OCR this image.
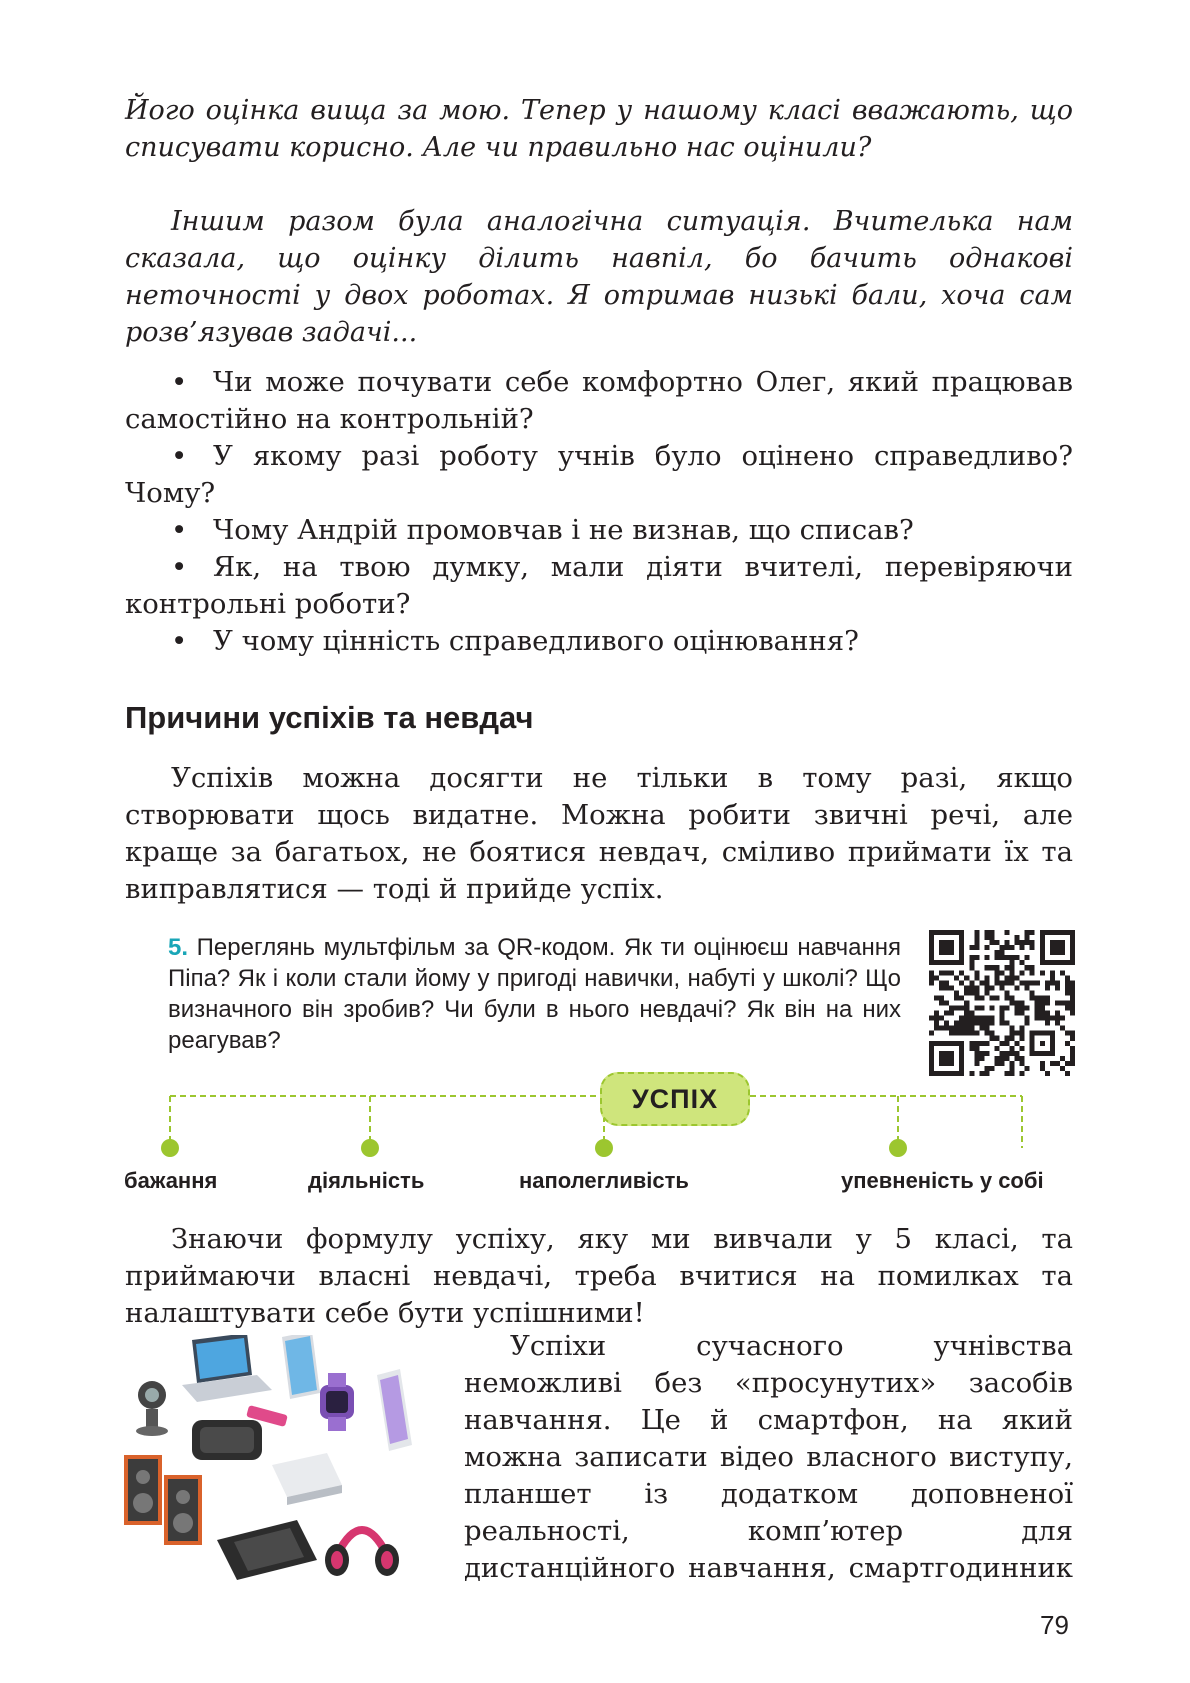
Його оцінка вища за мою. Тепер у нашому класі вважають, що списувати корисно. Але чи правильно нас оцінили?
Іншим разом була аналогічна ситуація. Вчителька нам сказала, що оцінку ділить навпіл, бо бачить однакові неточності у двох роботах. Я отримав низькі бали, хоча сам розв’язував задачі...
• Чи може почувати себе комфортно Олег, який працював самостійно на контрольній?
• У якому разі роботу учнів було оцінено справедливо? Чому?
• Чому Андрій промовчав і не визнав, що списав?
• Як, на твою думку, мали діяти вчителі, перевіряючи контрольні роботи?
• У чому цінність справедливого оцінювання?
Причини успіхів та невдач

Успіхів можна досягти не тільки в тому разі, якщо створювати щось видатне. Можна робити звичні речі, але краще за багатьох, не боятися невдач, сміливо приймати їх та виправлятися — тоді й прийде успіх.

5. Переглянь мультфільм за QR-кодом. Як ти оцінюєш навчання Піпа? Як і коли стали йому у пригоді навички, набуті у школі? Що визначного він зробив? Чи були в нього невдачі? Як він на них реагував?

УСПІХ
бажання	діяльність	наполегливість	упевненість у собі

Знаючи формулу успіху, яку ми вивчали у 5 класі, та приймаючи власні невдачі, треба вчитися на помилках та налаштувати себе бути успішними!

Успіхи сучасного учнівства неможливі без «просунутих» засобів навчання. Це й смартфон, на який можна записати відео власного виступу, планшет із додатком доповненої реальності, комп’ютер для дистанційного навчання, смартгодинник

79
